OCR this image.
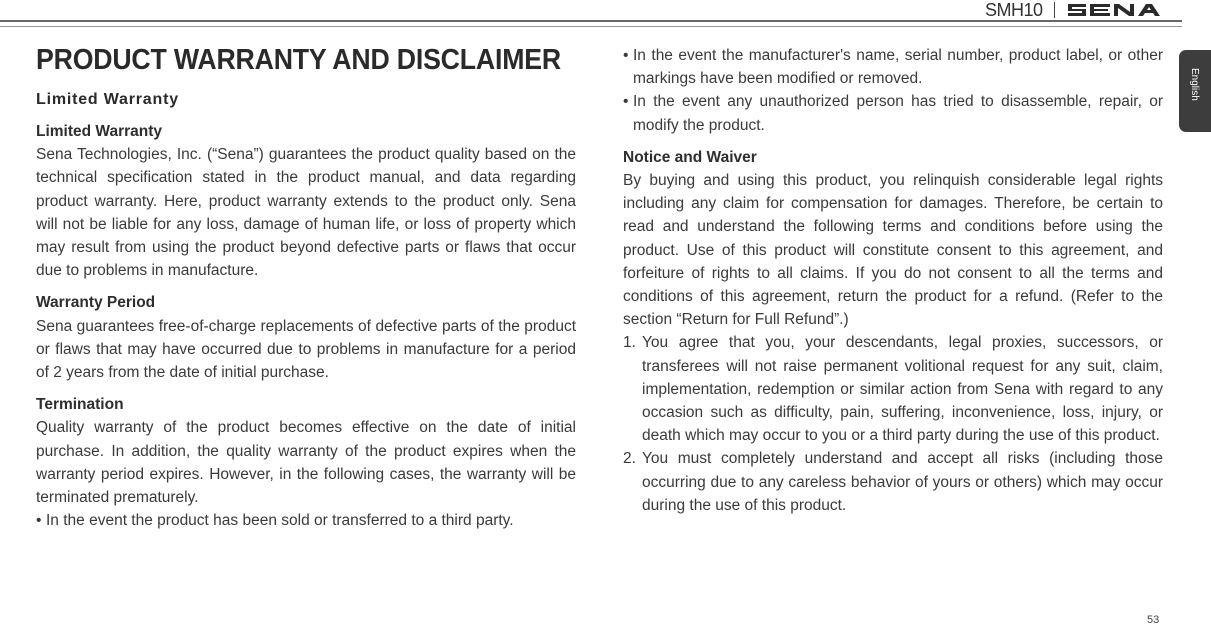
SMH10
English
PRODUCT WARRANTY AND DISCLAIMER
Limited Warranty

Limited Warranty

Sena Technologies, Inc. (“Sena”) guarantees the product quality based on the technical specification stated in the product manual, and data regarding product warranty. Here, product warranty extends to the product only. Sena will not be liable for any loss, damage of human life, or loss of property which may result from using the product beyond defective parts or flaws that occur due to problems in manufacture.

Warranty Period

Sena guarantees free-of-charge replacements of defective parts of the product or flaws that may have occurred due to problems in manufacture for a period of 2 years from the date of initial purchase.

Termination

Quality warranty of the product becomes effective on the date of initial purchase. In addition, the quality warranty of the product expires when the warranty period expires. However, in the following cases, the warranty will be terminated prematurely.

• In the event the product has been sold or transferred to a third party.

• In the event the manufacturer's name, serial number, product label, or other markings have been modified or removed.

• In the event any unauthorized person has tried to disassemble, repair, or modify the product.

Notice and Waiver

By buying and using this product, you relinquish considerable legal rights including any claim for compensation for damages. Therefore, be certain to read and understand the following terms and conditions before using the product. Use of this product will constitute consent to this agreement, and forfeiture of rights to all claims. If you do not consent to all the terms and conditions of this agreement, return the product for a refund. (Refer to the section “Return for Full Refund”.)

1. You agree that you, your descendants, legal proxies, successors, or transferees will not raise permanent volitional request for any suit, claim, implementation, redemption or similar action from Sena with regard to any occasion such as difficulty, pain, suffering, inconvenience, loss, injury, or death which may occur to you or a third party during the use of this product.

2. You must completely understand and accept all risks (including those occurring due to any careless behavior of yours or others) which may occur during the use of this product.

53
